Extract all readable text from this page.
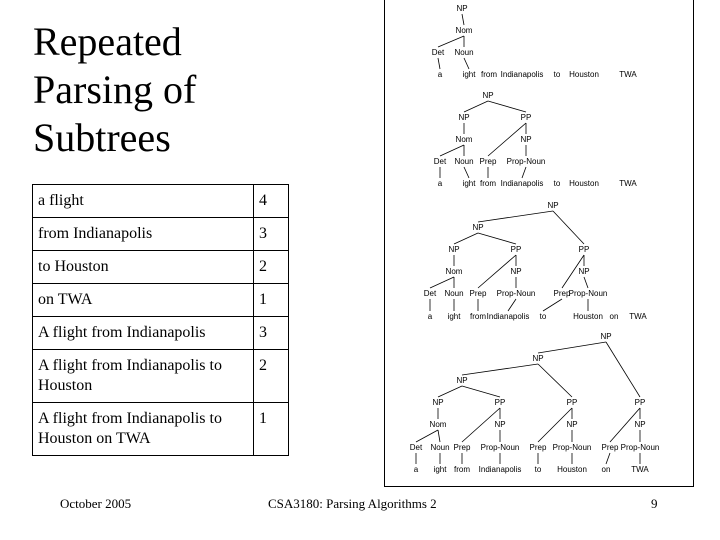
Repeated Parsing of Subtrees
a flight	4
from Indianapolis	3
to Houston	2
on TWA	1
A flight from Indianapolis	3
A flight from Indianapolis to Houston	2
A flight from Indianapolis to Houston on TWA	1
NP
Nom
Det Noun
a	ight from Indianapolis to Houston	TWA
NP
NP	PP
Nom	NP
Det Noun Prep Prop-Noun
a	ight from Indianapolis to Houston	TWA
NP
NP
NP	PP	PP
Nom	NP	NP
Det Noun Prep Prop-Noun Prep
Prop-Noun
a ight from Indianapolis to	Houston on TWA
NP
NP
NP
NP	PP	PP	PP
Nom	NP	NP	NP
Det Noun Prep Prop-Noun Prep Prop-Noun Prep Prop-Noun
a ight from Indianapolis to Houston on	TWA
October 2005	CSA3180: Parsing Algorithms 2	9
